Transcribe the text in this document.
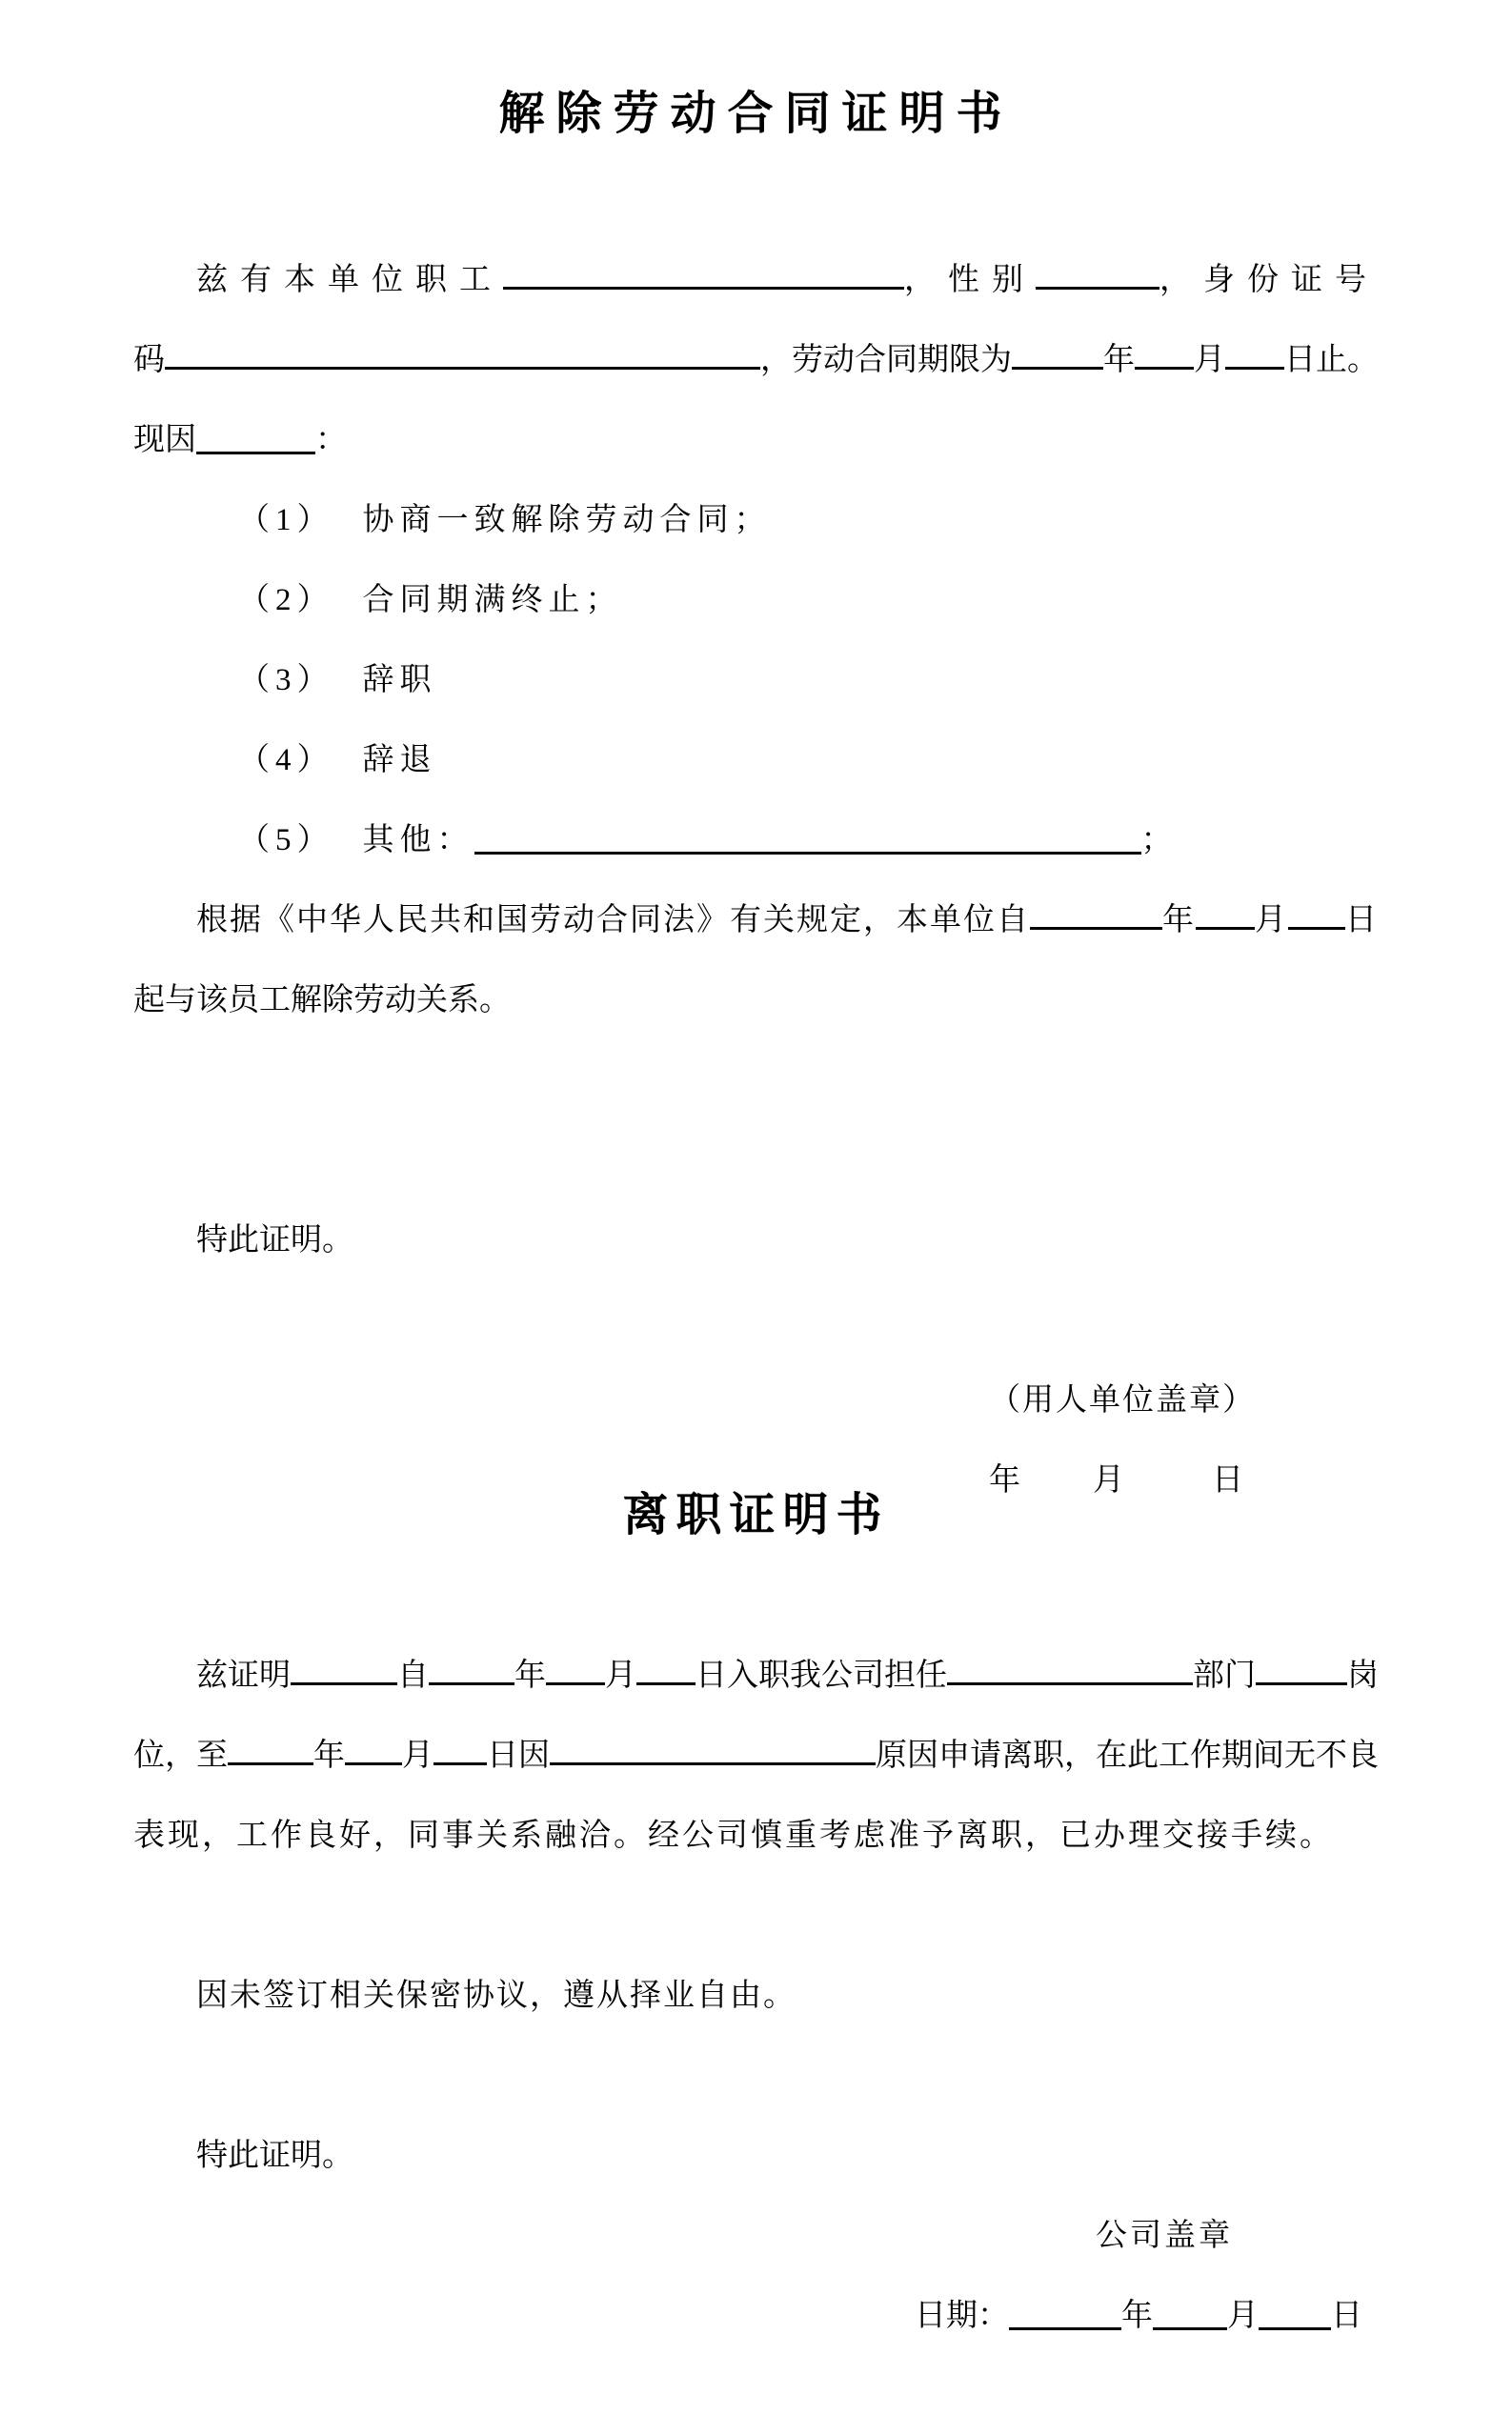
解除劳动合同证明书
兹有本单位职工	，性别	，身份证号
码	，劳动合同期限为	年 月 日止。
现因	：
（1） 协商一致解除劳动合同；
（2） 合同期满终止；
（3） 辞职
（4） 辞退
（5） 其他：	；
根据《中华人民共和国劳动合同法》有关规定，本单位自	年 月 日
起与该员工解除劳动关系。
特此证明。
（用人单位盖章）
年 月	日
离职证明书
兹证明	自	年 月 日入职我公司担任	部门	岗
位，至	年 月 日因	原因申请离职，在此工作期间无不良
表现，工作良好，同事关系融洽。经公司慎重考虑准予离职，已办理交接手续。
因未签订相关保密协议，遵从择业自由。
特此证明。
公司盖章
日期：	年 月 日
